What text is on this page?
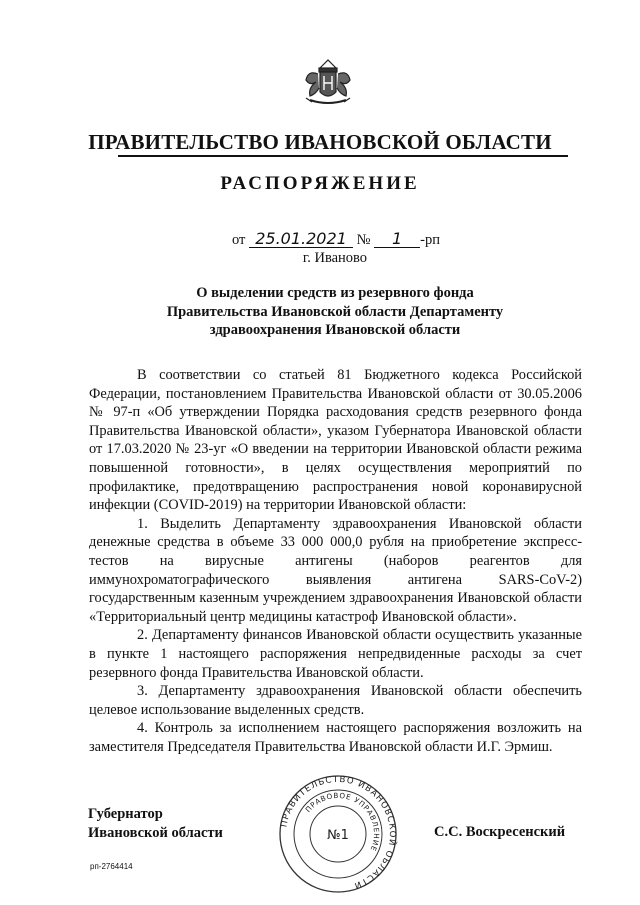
ПРАВИТЕЛЬСТВО ИВАНОВСКОЙ ОБЛАСТИ
РАСПОРЯЖЕНИЕ
от 25.01.2021 № 1 -рп
г. Иваново
О выделении средств из резервного фонда
Правительства Ивановской области Департаменту
здравоохранения Ивановской области

В соответствии со статьей 81 Бюджетного кодекса Российской Федерации, постановлением Правительства Ивановской области от 30.05.2006 № 97-п «Об утверждении Порядка расходования средств резервного фонда Правительства Ивановской области», указом Губернатора Ивановской области от 17.03.2020 № 23-уг «О введении на территории Ивановской области режима повышенной готовности», в целях осуществления мероприятий по профилактике, предотвращению распространения новой коронавирусной инфекции (COVID-2019) на территории Ивановской области:

1. Выделить Департаменту здравоохранения Ивановской области денежные средства в объеме 33 000 000,0 рубля на приобретение экспресс-тестов на вирусные антигены (наборов реагентов для иммунохроматографического выявления антигена SARS-CoV-2) государственным казенным учреждением здравоохранения Ивановской области «Территориальный центр медицины катастроф Ивановской области».

2. Департаменту финансов Ивановской области осуществить указанные в пункте 1 настоящего распоряжения непредвиденные расходы за счет резервного фонда Правительства Ивановской области.

3. Департаменту здравоохранения Ивановской области обеспечить целевое использование выделенных средств.

4. Контроль за исполнением настоящего распоряжения возложить на заместителя Председателя Правительства Ивановской области И.Г. Эрмиш.

Губернатор
Ивановской области	С.С. Воскресенский
ПРАВИТЕЛЬСТВО ИВАНОВСКОЙ ОБЛАСТИ
ПРАВОВОЕ УПРАВЛЕНИЕ
№1
рп-2764414
